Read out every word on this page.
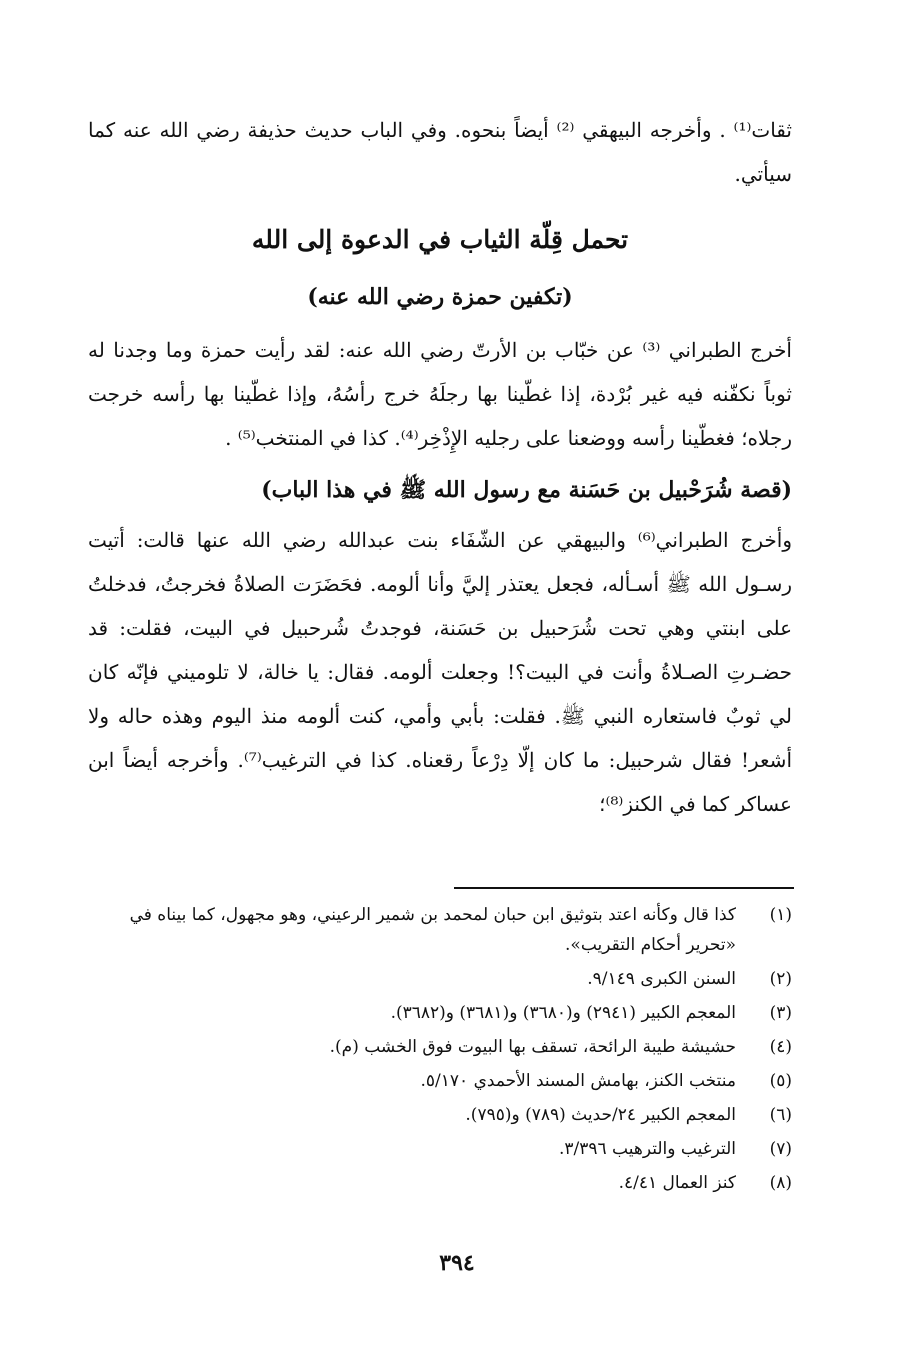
ثقات⁽¹⁾ . وأخرجه البيهقي ⁽²⁾ أيضاً بنحوه. وفي الباب حديث حذيفة رضي الله عنه كما سيأتي.

تحمل قِلّة الثياب في الدعوة إلى الله
(تكفين حمزة رضي الله عنه)

أخرج الطبراني ⁽³⁾ عن خبّاب بن الأرتّ رضي الله عنه: لقد رأيت حمزة وما وجدنا له ثوباً نكفّنه فيه غير بُرْدة، إذا غطّينا بها رجلَهُ خرج رأسُهُ، وإذا غطّينا بها رأسه خرجت رجلاه؛ فغطّينا رأسه ووضعنا على رجليه الإِذْخِر⁽⁴⁾. كذا في المنتخب⁽⁵⁾ .

(قصة شُرَحْبيل بن حَسَنة مع رسول الله ﷺ في هذا الباب)

وأخرج الطبراني⁽⁶⁾ والبيهقي عن الشّفَاء بنت عبدالله رضي الله عنها قالت: أتيت رسـول الله ﷺ أسـأله، فجعل يعتذر إليَّ وأنا ألومه. فحَضَرَت الصلاةُ فخرجتُ، فدخلتُ على ابنتي وهي تحت شُرَحبيل بن حَسَنة، فوجدتُ شُرحبيل في البيت، فقلت: قد حضـرتِ الصـلاةُ وأنت في البيت؟! وجعلت ألومه. فقال: يا خالة، لا تلوميني فإنّه كان لي ثوبٌ فاستعاره النبي ﷺ. فقلت: بأبي وأمي، كنت ألومه منذ اليوم وهذه حاله ولا أشعر! فقال شرحبيل: ما كان إلّا دِرْعاً رقعناه. كذا في الترغيب⁽⁷⁾. وأخرجه أيضاً ابن عساكر كما في الكنز⁽⁸⁾؛

(١)
كذا قال وكأنه اعتد بتوثيق ابن حبان لمحمد بن شمير الرعيني، وهو مجهول، كما بيناه في «تحرير أحكام التقريب».
(٢)
السنن الكبرى ٩/١٤٩.
(٣)
المعجم الكبير (٢٩٤١) و(٣٦٨٠) و(٣٦٨١) و(٣٦٨٢).
(٤)
حشيشة طيبة الرائحة، تسقف بها البيوت فوق الخشب (م).
(٥)
منتخب الكنز، بهامش المسند الأحمدي ٥/١٧٠.
(٦)
المعجم الكبير ٢٤/حديث (٧٨٩) و(٧٩٥).
(٧)
الترغيب والترهيب ٣/٣٩٦.
(٨)
كنز العمال ٤/٤١.
٣٩٤
